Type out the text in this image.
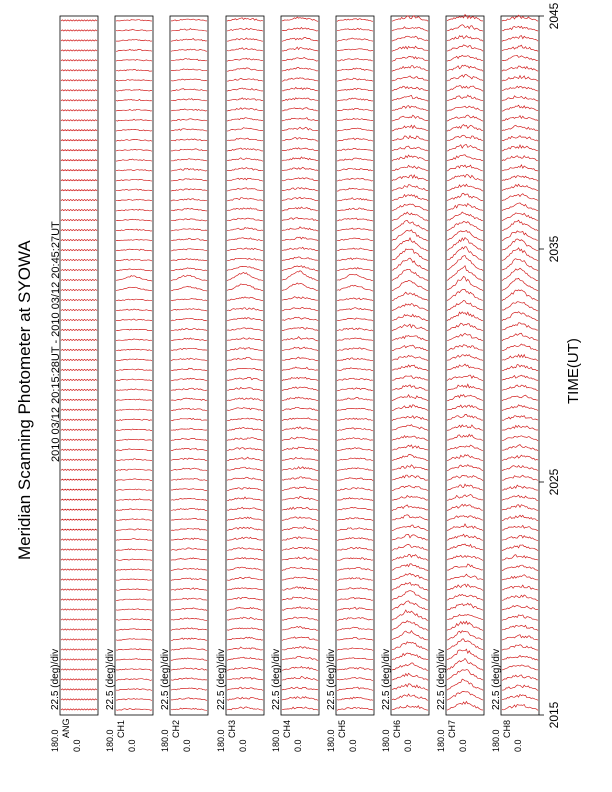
Meridian Scanning Photometer at SYOWA 2010 03/12 20:15:28UT - 2010 03/12 20:45:27UT	TIME(UT)
22.5 (deg)/div
180.0
ANG
0.0
22.5 (deg)/div
180.0
CH1
0.0
22.5 (deg)/div
180.0
CH2
0.0
22.5 (deg)/div
180.0
CH3
0.0
22.5 (deg)/div
180.0
CH4
0.0
22.5 (deg)/div
180.0
CH5
0.0
22.5 (deg)/div
180.0
CH6
0.0
22.5 (deg)/div
180.0
CH7
0.0
22.5 (deg)/div
180.0
CH8
0.0
2015
2025
2035
2045
